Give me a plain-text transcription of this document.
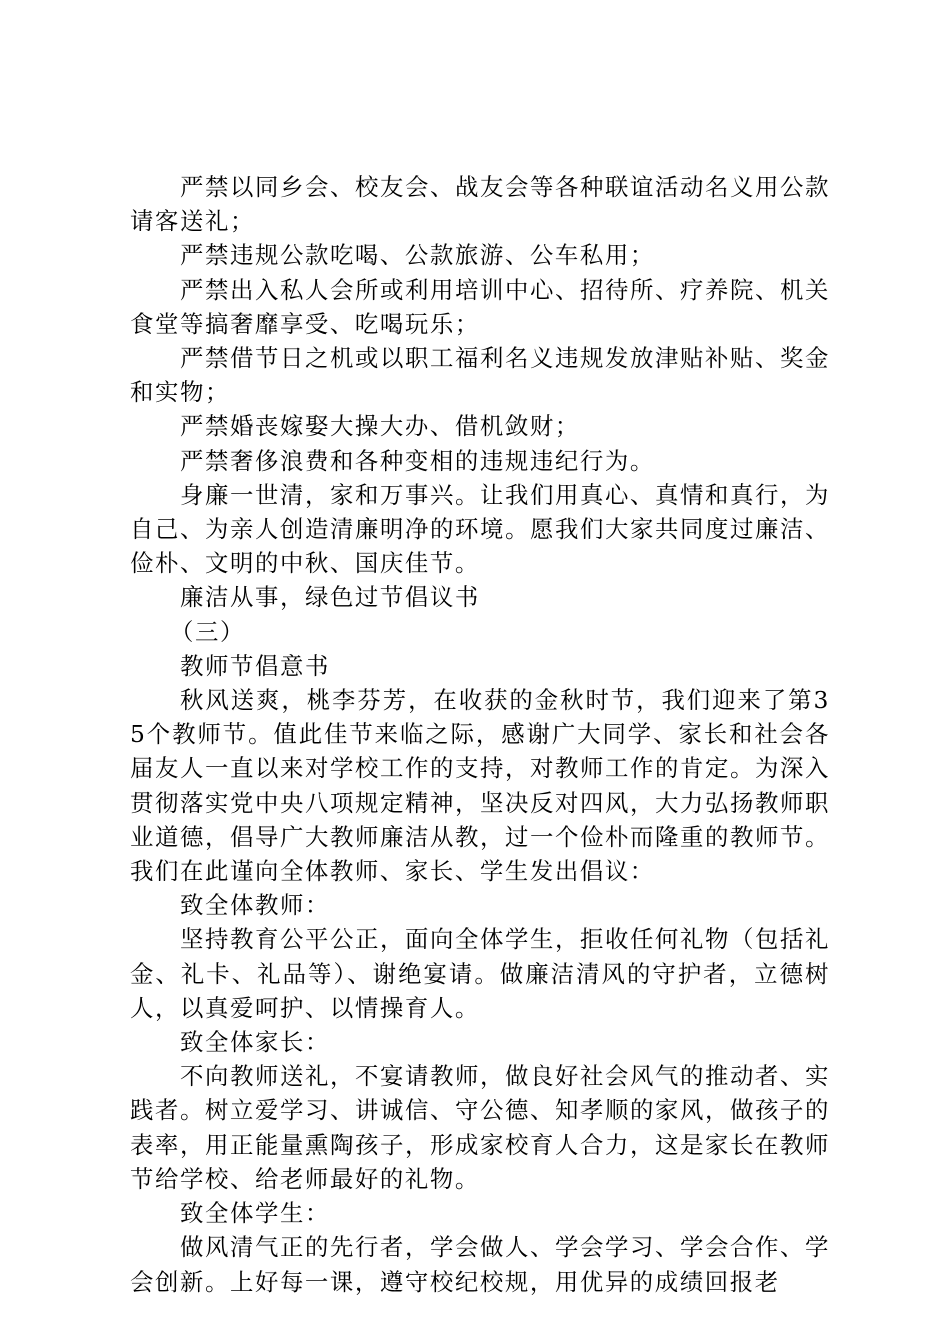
严禁以同乡会、校友会、战友会等各种联谊活动名义用公款请客送礼；

严禁违规公款吃喝、公款旅游、公车私用；

严禁出入私人会所或利用培训中心、招待所、疗养院、机关食堂等搞奢靡享受、吃喝玩乐；

严禁借节日之机或以职工福利名义违规发放津贴补贴、奖金和实物；

严禁婚丧嫁娶大操大办、借机敛财；

严禁奢侈浪费和各种变相的违规违纪行为。

身廉一世清，家和万事兴。让我们用真心、真情和真行，为自己、为亲人创造清廉明净的环境。愿我们大家共同度过廉洁、俭朴、文明的中秋、国庆佳节。

廉洁从事，绿色过节倡议书

（三）

教师节倡意书

秋风送爽，桃李芬芳，在收获的金秋时节，我们迎来了第35个教师节。值此佳节来临之际，感谢广大同学、家长和社会各届友人一直以来对学校工作的支持，对教师工作的肯定。为深入贯彻落实党中央八项规定精神，坚决反对四风，大力弘扬教师职业道德，倡导广大教师廉洁从教，过一个俭朴而隆重的教师节。我们在此谨向全体教师、家长、学生发出倡议：

致全体教师：

坚持教育公平公正，面向全体学生，拒收任何礼物（包括礼金、礼卡、礼品等）、谢绝宴请。做廉洁清风的守护者，立德树人，以真爱呵护、以情操育人。

致全体家长：

不向教师送礼，不宴请教师，做良好社会风气的推动者、实践者。树立爱学习、讲诚信、守公德、知孝顺的家风，做孩子的表率，用正能量熏陶孩子，形成家校育人合力，这是家长在教师节给学校、给老师最好的礼物。

致全体学生：

做风清气正的先行者，学会做人、学会学习、学会合作、学会创新。上好每一课，遵守校纪校规，用优异的成绩回报老
